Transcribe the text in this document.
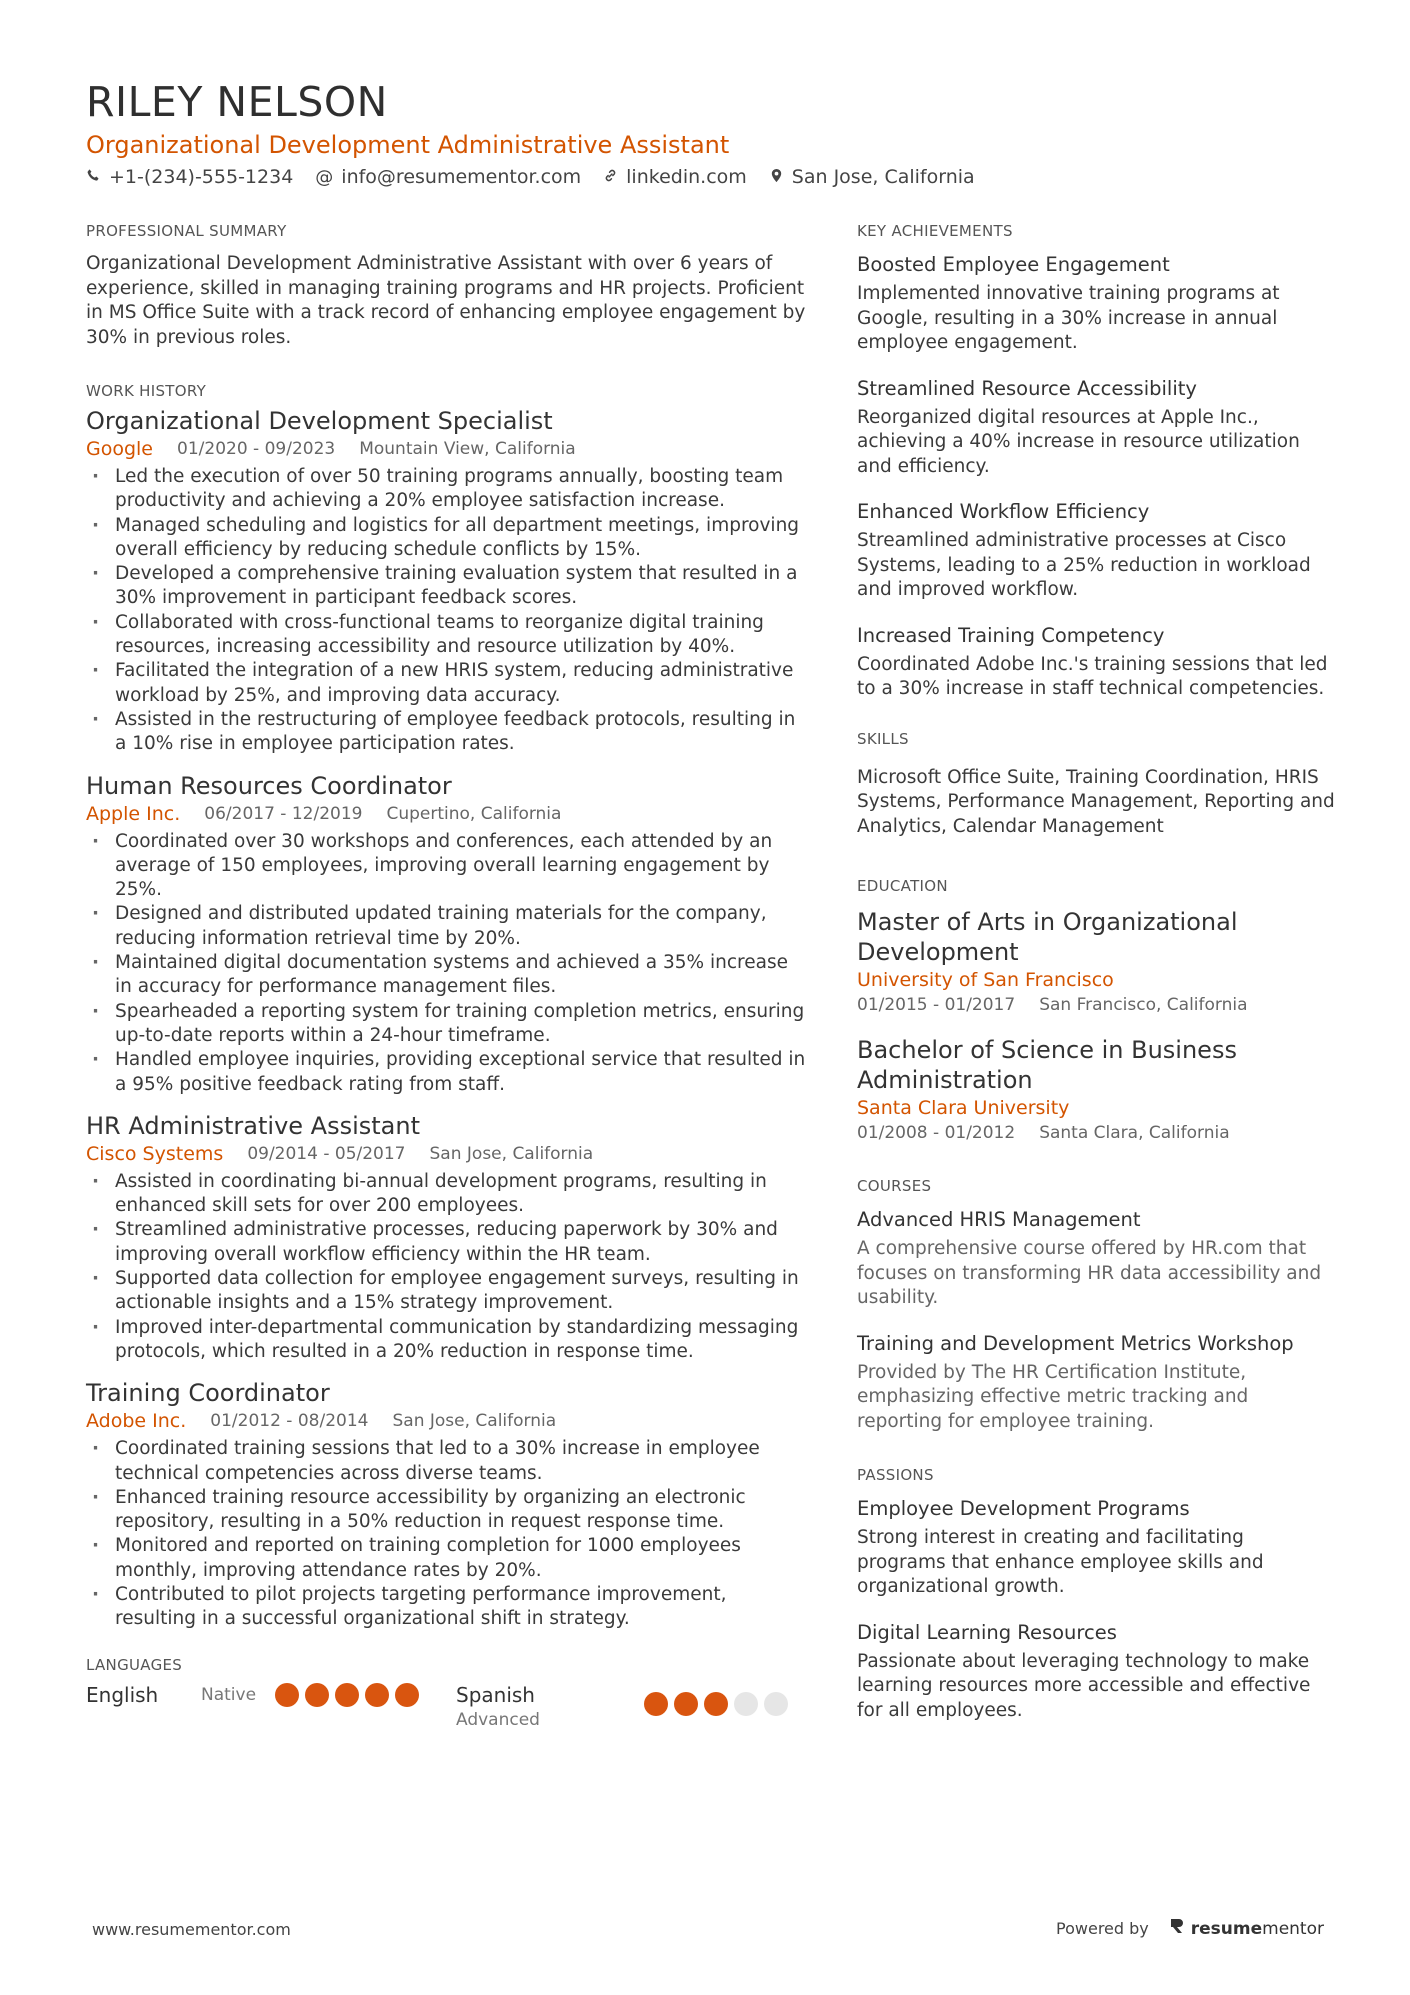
RILEY NELSON
Organizational Development Administrative Assistant
+1-(234)-555-1234 @ info@resumementor.com linkedin.com San Jose, California
PROFESSIONAL SUMMARY
Organizational Development Administrative Assistant with over 6 years of experience, skilled in managing training programs and HR projects. Proficient in MS Office Suite with a track record of enhancing employee engagement by 30% in previous roles.
WORK HISTORY
Organizational Development Specialist
Google 01/2020 - 09/2023 Mountain View, California
· Led the execution of over 50 training programs annually, boosting team productivity and achieving a 20% employee satisfaction increase.
· Managed scheduling and logistics for all department meetings, improving overall efficiency by reducing schedule conflicts by 15%.
· Developed a comprehensive training evaluation system that resulted in a 30% improvement in participant feedback scores.
· Collaborated with cross-functional teams to reorganize digital training resources, increasing accessibility and resource utilization by 40%.
· Facilitated the integration of a new HRIS system, reducing administrative workload by 25%, and improving data accuracy.
· Assisted in the restructuring of employee feedback protocols, resulting in a 10% rise in employee participation rates.
Human Resources Coordinator
Apple Inc. 06/2017 - 12/2019 Cupertino, California
· Coordinated over 30 workshops and conferences, each attended by an average of 150 employees, improving overall learning engagement by 25%.
· Designed and distributed updated training materials for the company, reducing information retrieval time by 20%.
· Maintained digital documentation systems and achieved a 35% increase in accuracy for performance management files.
· Spearheaded a reporting system for training completion metrics, ensuring up-to-date reports within a 24-hour timeframe.
· Handled employee inquiries, providing exceptional service that resulted in a 95% positive feedback rating from staff.
HR Administrative Assistant
Cisco Systems 09/2014 - 05/2017 San Jose, California
· Assisted in coordinating bi-annual development programs, resulting in enhanced skill sets for over 200 employees.
· Streamlined administrative processes, reducing paperwork by 30% and improving overall workflow efficiency within the HR team.
· Supported data collection for employee engagement surveys, resulting in actionable insights and a 15% strategy improvement.
· Improved inter-departmental communication by standardizing messaging protocols, which resulted in a 20% reduction in response time.
Training Coordinator
Adobe Inc. 01/2012 - 08/2014 San Jose, California
· Coordinated training sessions that led to a 30% increase in employee technical competencies across diverse teams.
· Enhanced training resource accessibility by organizing an electronic repository, resulting in a 50% reduction in request response time.
· Monitored and reported on training completion for 1000 employees monthly, improving attendance rates by 20%.
· Contributed to pilot projects targeting performance improvement, resulting in a successful organizational shift in strategy.
LANGUAGES
English	Native	Spanish
Advanced
KEY ACHIEVEMENTS
Boosted Employee Engagement
Implemented innovative training programs at Google, resulting in a 30% increase in annual employee engagement.
Streamlined Resource Accessibility
Reorganized digital resources at Apple Inc., achieving a 40% increase in resource utilization and efficiency.
Enhanced Workflow Efficiency
Streamlined administrative processes at Cisco Systems, leading to a 25% reduction in workload and improved workflow.
Increased Training Competency
Coordinated Adobe Inc.'s training sessions that led to a 30% increase in staff technical competencies.
SKILLS
Microsoft Office Suite, Training Coordination, HRIS Systems, Performance Management, Reporting and Analytics, Calendar Management
EDUCATION
Master of Arts in Organizational Development
University of San Francisco
01/2015 - 01/2017 San Francisco, California
Bachelor of Science in Business Administration
Santa Clara University
01/2008 - 01/2012 Santa Clara, California
COURSES
Advanced HRIS Management
A comprehensive course offered by HR.com that focuses on transforming HR data accessibility and usability.
Training and Development Metrics Workshop
Provided by The HR Certification Institute, emphasizing effective metric tracking and reporting for employee training.
PASSIONS
Employee Development Programs
Strong interest in creating and facilitating programs that enhance employee skills and organizational growth.
Digital Learning Resources
Passionate about leveraging technology to make learning resources more accessible and effective for all employees.
www.resumementor.com	Powered by resumementor
